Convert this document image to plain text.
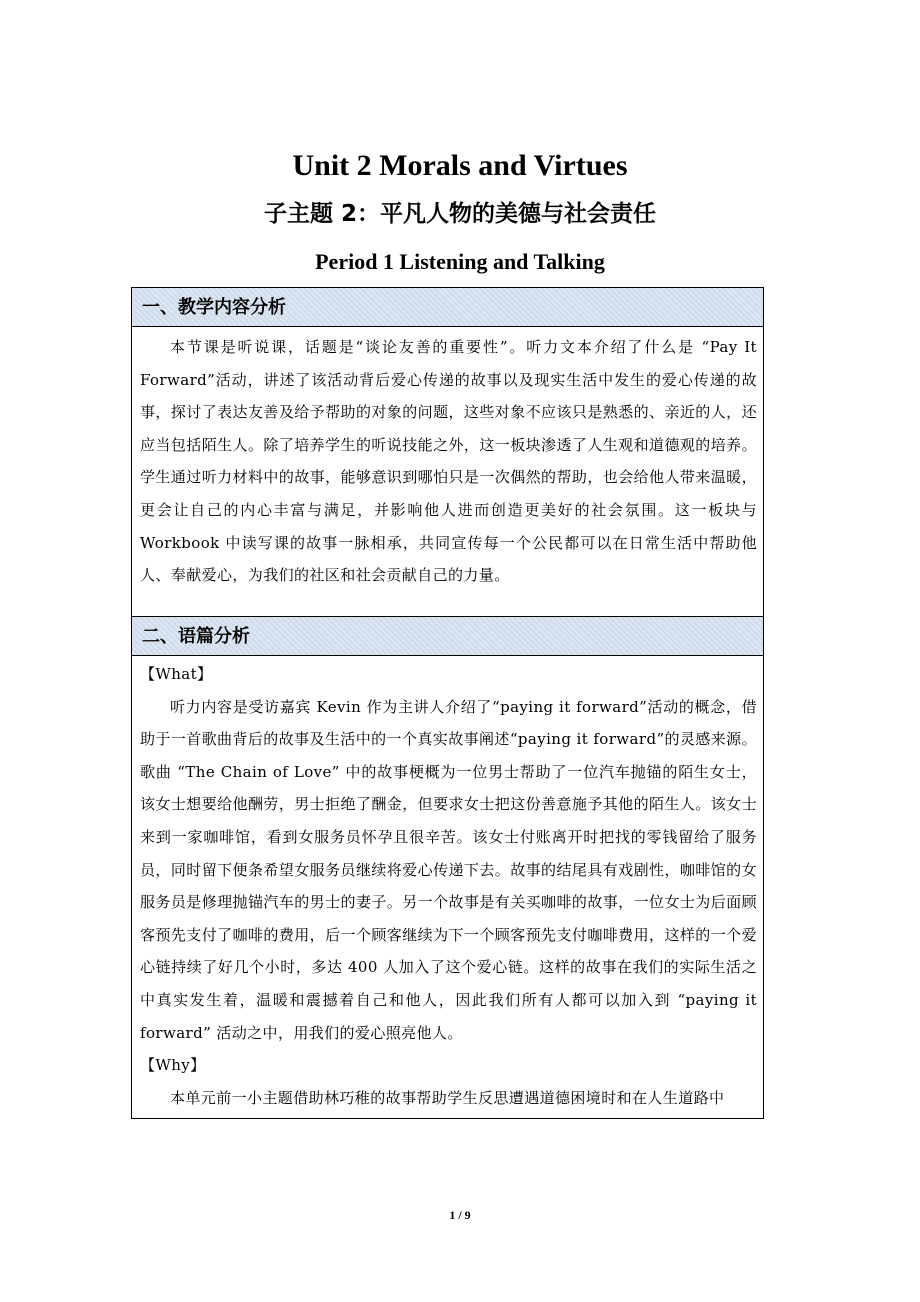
Unit 2 Morals and Virtues
子主题 2：平凡人物的美德与社会责任
Period 1 Listening and Talking
一、教学内容分析

本节课是听说课，话题是“谈论友善的重要性”。听力文本介绍了什么是 “Pay It Forward”活动，讲述了该活动背后爱心传递的故事以及现实生活中发生的爱心传递的故事，探讨了表达友善及给予帮助的对象的问题，这些对象不应该只是熟悉的、亲近的人，还应当包括陌生人。除了培养学生的听说技能之外，这一板块渗透了人生观和道德观的培养。学生通过听力材料中的故事，能够意识到哪怕只是一次偶然的帮助，也会给他人带来温暖，更会让自己的内心丰富与满足，并影响他人进而创造更美好的社会氛围。这一板块与 Workbook 中读写课的故事一脉相承，共同宣传每一个公民都可以在日常生活中帮助他人、奉献爱心，为我们的社区和社会贡献自己的力量。

二、语篇分析
【What】

听力内容是受访嘉宾 Kevin 作为主讲人介绍了“paying it forward”活动的概念，借助于一首歌曲背后的故事及生活中的一个真实故事阐述“paying it forward”的灵感来源。歌曲 “The Chain of Love” 中的故事梗概为一位男士帮助了一位汽车抛锚的陌生女士，该女士想要给他酬劳，男士拒绝了酬金，但要求女士把这份善意施予其他的陌生人。该女士来到一家咖啡馆，看到女服务员怀孕且很辛苦。该女士付账离开时把找的零钱留给了服务员，同时留下便条希望女服务员继续将爱心传递下去。故事的结尾具有戏剧性，咖啡馆的女服务员是修理抛锚汽车的男士的妻子。另一个故事是有关买咖啡的故事，一位女士为后面顾客预先支付了咖啡的费用，后一个顾客继续为下一个顾客预先支付咖啡费用，这样的一个爱心链持续了好几个小时，多达 400 人加入了这个爱心链。这样的故事在我们的实际生活之中真实发生着，温暖和震撼着自己和他人，因此我们所有人都可以加入到 “paying it forward” 活动之中，用我们的爱心照亮他人。

【Why】

本单元前一小主题借助林巧稚的故事帮助学生反思遭遇道德困境时和在人生道路中

1 / 9
